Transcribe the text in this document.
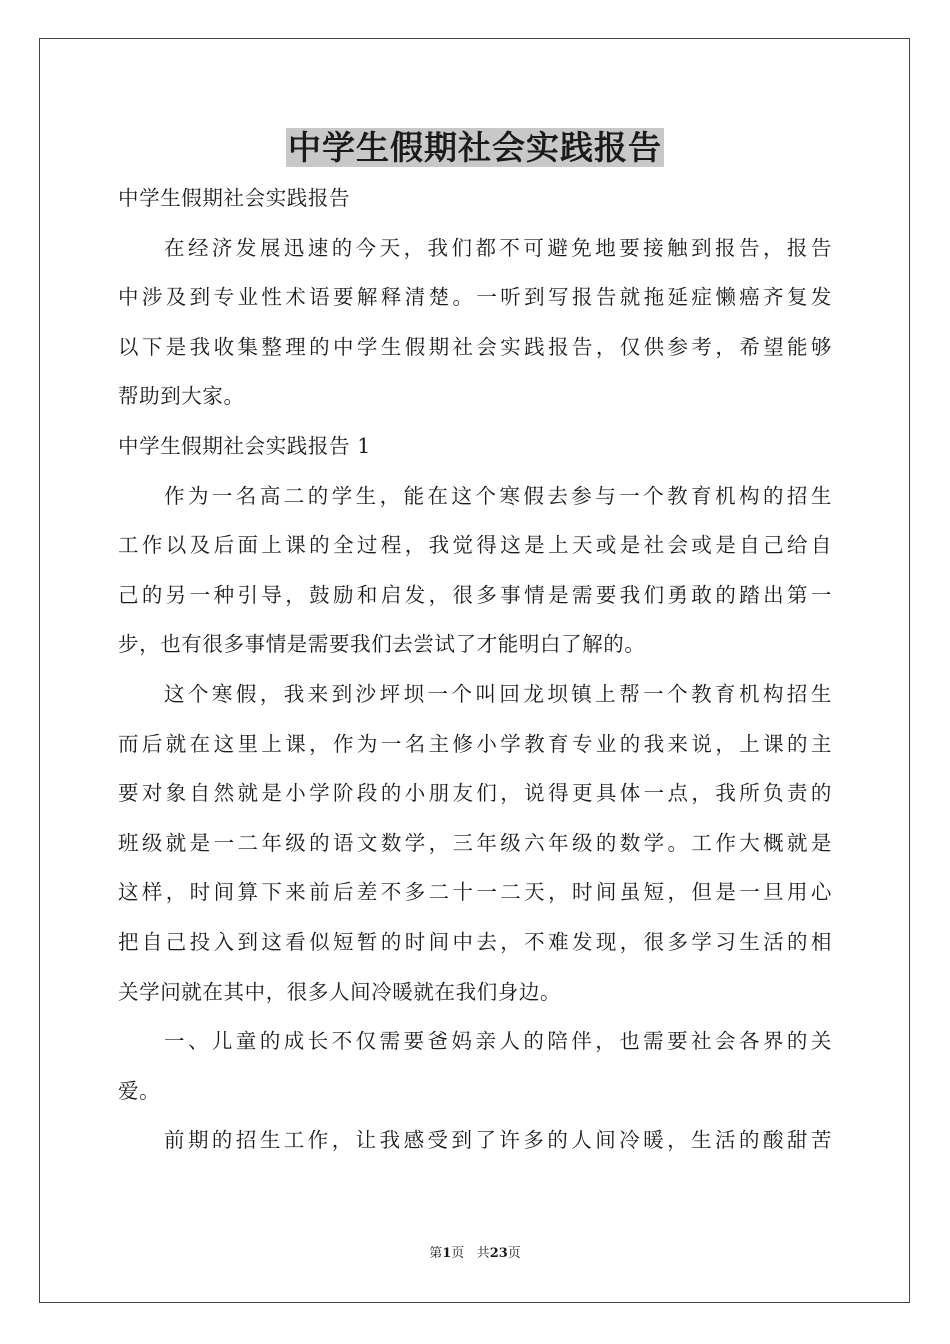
中学生假期社会实践报告
中学生假期社会实践报告
在经济发展迅速的今天，我们都不可避免地要接触到报告，报告
中涉及到专业性术语要解释清楚。一听到写报告就拖延症懒癌齐复发
以下是我收集整理的中学生假期社会实践报告，仅供参考，希望能够
帮助到大家。
中学生假期社会实践报告 1
作为一名高二的学生，能在这个寒假去参与一个教育机构的招生
工作以及后面上课的全过程，我觉得这是上天或是社会或是自己给自
己的另一种引导，鼓励和启发，很多事情是需要我们勇敢的踏出第一
步，也有很多事情是需要我们去尝试了才能明白了解的。
这个寒假，我来到沙坪坝一个叫回龙坝镇上帮一个教育机构招生
而后就在这里上课，作为一名主修小学教育专业的我来说，上课的主
要对象自然就是小学阶段的小朋友们，说得更具体一点，我所负责的
班级就是一二年级的语文数学，三年级六年级的数学。工作大概就是
这样，时间算下来前后差不多二十一二天，时间虽短，但是一旦用心
把自己投入到这看似短暂的时间中去，不难发现，很多学习生活的相
关学问就在其中，很多人间冷暖就在我们身边。
一、儿童的成长不仅需要爸妈亲人的陪伴，也需要社会各界的关
爱。
前期的招生工作，让我感受到了许多的人间冷暖，生活的酸甜苦
第1页 共23页
